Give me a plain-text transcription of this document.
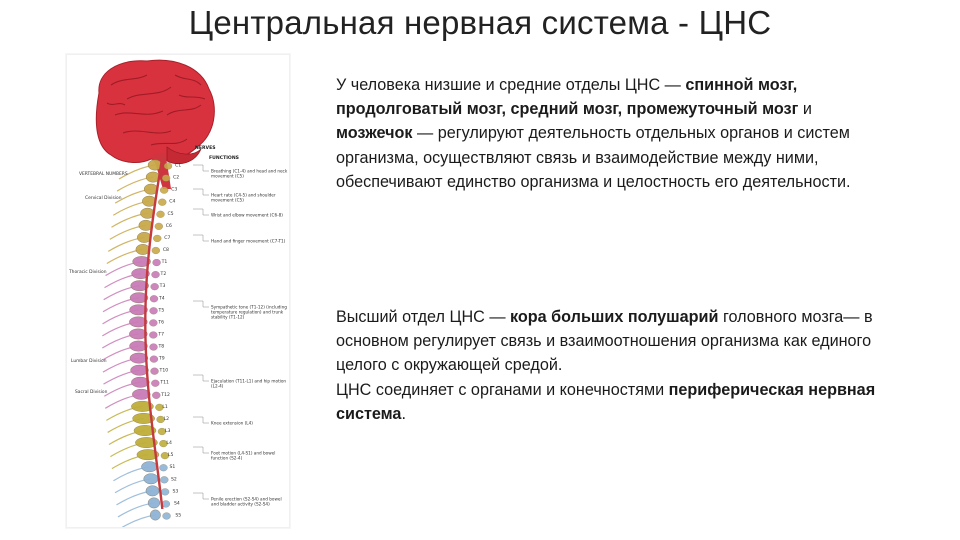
Центральная нервная система - ЦНС
C1
C2
C3
C4
C5
C6
C7
C8
T1
T2
T3
T4
T5
T6
T7
T8
T9
T10
T11
T12
L1
L2
L3
L4
L5
S1
S2
S3
S4
S5
NERVES
FUNCTIONS
VERTEBRAL NUMBERS
Cervical Division
Thoracic Division
Lumbar Division
Sacral Division
Breathing (C1-4) and head and neck movement (C5)
Heart rate (C4-5) and shoulder movement (C5)
Wrist and elbow movement (C6-8)
Hand and finger movement (C7-T1)
Sympathetic tone (T1-12) (including temperature regulation) and trunk stability (T1-12)
Ejaculation (T11-L1) and hip motion (L2-4)
Knee extension (L4)
Foot motion (L4-S1) and bowel function (S2-4)
Penile erection (S2-S4) and bowel and bladder activity (S2-S4)

У человека низшие и средние отделы ЦНС — спинной мозг, продолговатый мозг, средний мозг, промежуточный мозг и мозжечок — регулируют деятельность отдельных органов и систем организма, осуществляют связь и взаимодействие между ними, обеспечивают единство организма и целостность его деятельности.

Высший отдел ЦНС — кора больших полушарий головного мозга— в основном регулирует связь и взаимоотношения организма как единого целого с окружающей средой.

ЦНС соединяет с органами и конечностями периферическая нервная система.
